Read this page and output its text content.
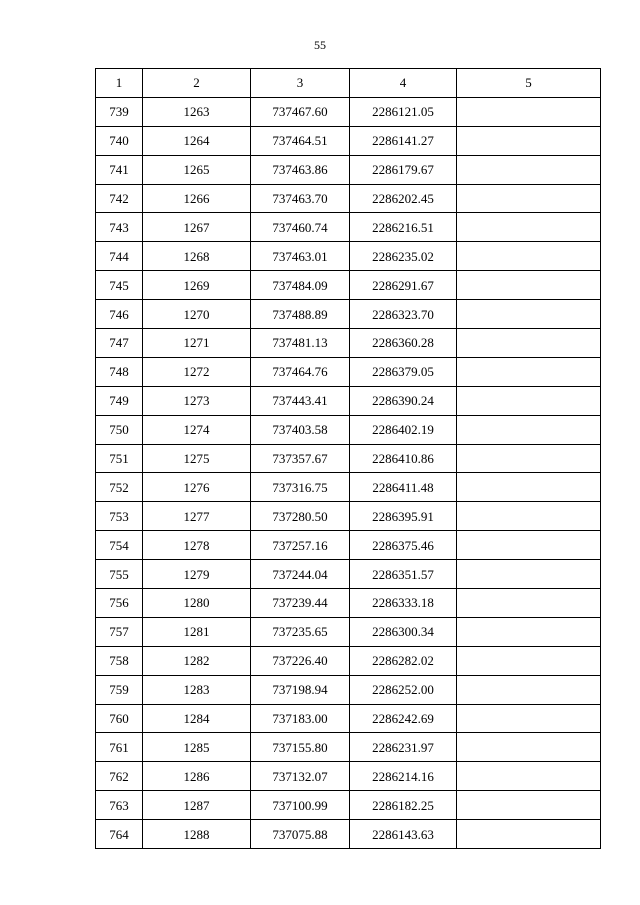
55
1	2	3	4	5
739	1263	737467.60	2286121.05	
740	1264	737464.51	2286141.27	
741	1265	737463.86	2286179.67	
742	1266	737463.70	2286202.45	
743	1267	737460.74	2286216.51	
744	1268	737463.01	2286235.02	
745	1269	737484.09	2286291.67	
746	1270	737488.89	2286323.70	
747	1271	737481.13	2286360.28	
748	1272	737464.76	2286379.05	
749	1273	737443.41	2286390.24	
750	1274	737403.58	2286402.19	
751	1275	737357.67	2286410.86	
752	1276	737316.75	2286411.48	
753	1277	737280.50	2286395.91	
754	1278	737257.16	2286375.46	
755	1279	737244.04	2286351.57	
756	1280	737239.44	2286333.18	
757	1281	737235.65	2286300.34	
758	1282	737226.40	2286282.02	
759	1283	737198.94	2286252.00	
760	1284	737183.00	2286242.69	
761	1285	737155.80	2286231.97	
762	1286	737132.07	2286214.16	
763	1287	737100.99	2286182.25	
764	1288	737075.88	2286143.63	
